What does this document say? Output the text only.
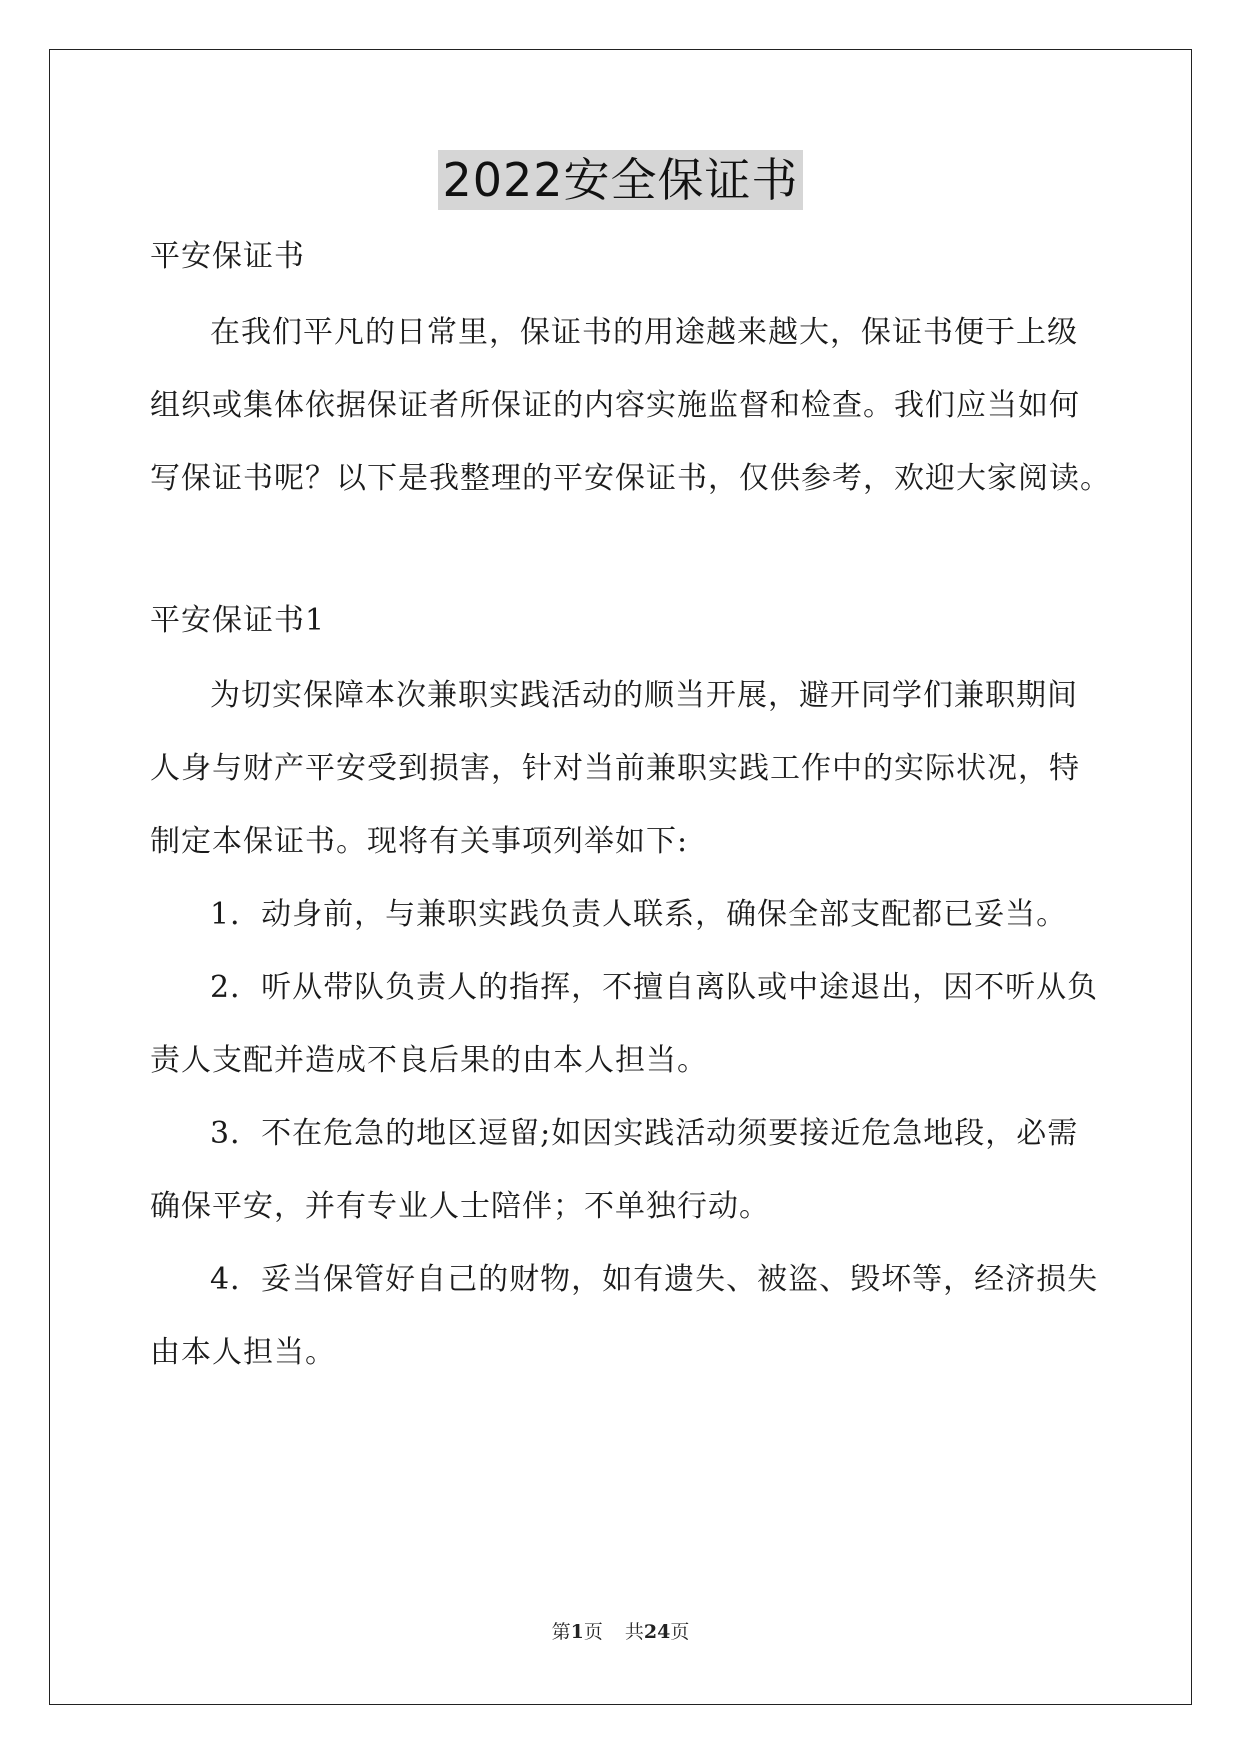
2022安全保证书
平安保证书
在我们平凡的日常里，保证书的用途越来越大，保证书便于上级
组织或集体依据保证者所保证的内容实施监督和检查。我们应当如何
写保证书呢？以下是我整理的平安保证书，仅供参考，欢迎大家阅读。
平安保证书1
为切实保障本次兼职实践活动的顺当开展，避开同学们兼职期间
人身与财产平安受到损害，针对当前兼职实践工作中的实际状况，特
制定本保证书。现将有关事项列举如下:
1．动身前，与兼职实践负责人联系，确保全部支配都已妥当。
2．听从带队负责人的指挥，不擅自离队或中途退出，因不听从负
责人支配并造成不良后果的由本人担当。
3．不在危急的地区逗留;如因实践活动须要接近危急地段，必需
确保平安，并有专业人士陪伴；不单独行动。
4．妥当保管好自己的财物，如有遗失、被盗、毁坏等，经济损失
由本人担当。
第1页 共24页
